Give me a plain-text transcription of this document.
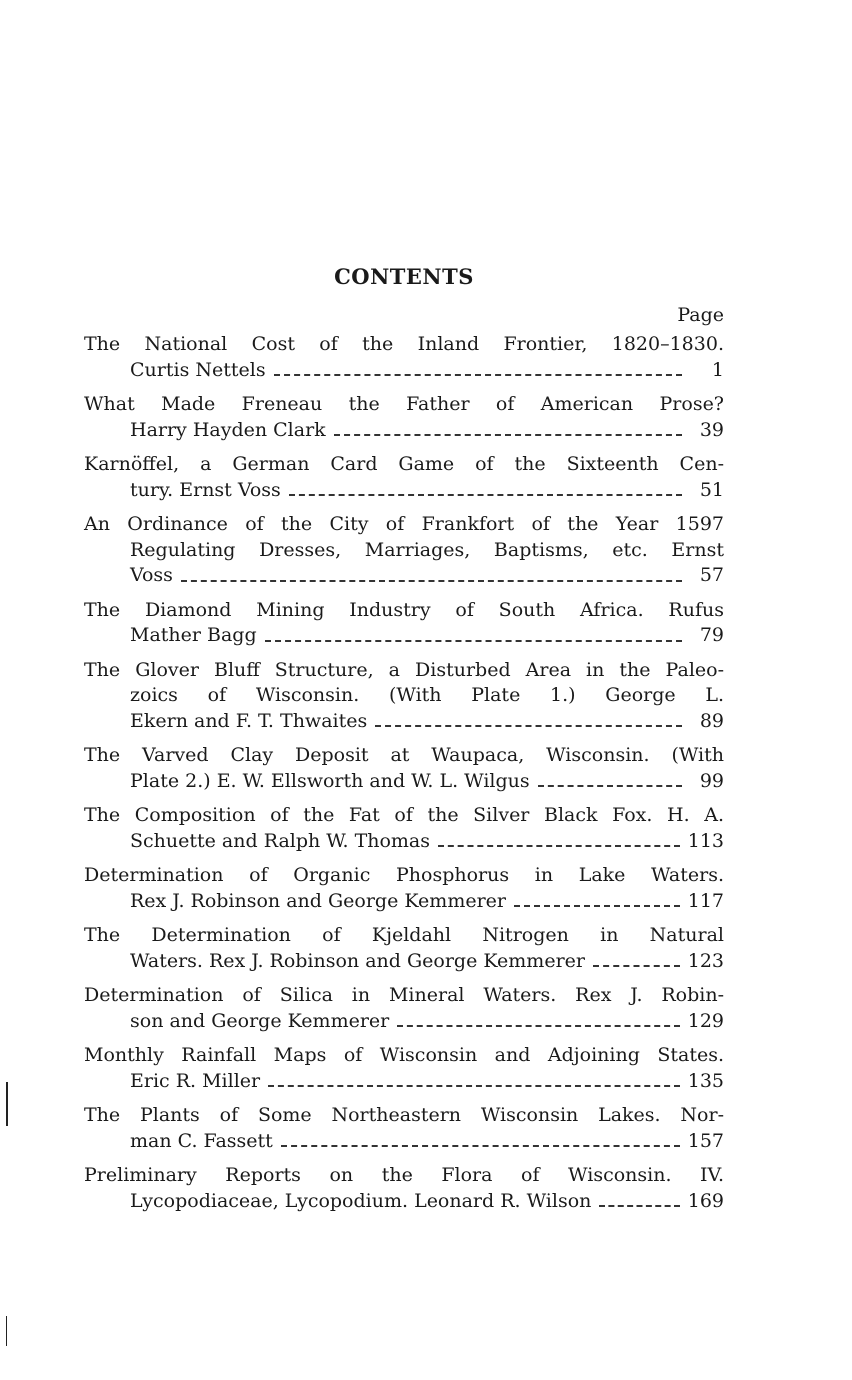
CONTENTS
Page
The National Cost of the Inland Frontier, 1820–1830.
Curtis Nettels	1
What Made Freneau the Father of American Prose?
Harry Hayden Clark	39
Karnöffel, a German Card Game of the Sixteenth Cen-
tury. Ernst Voss	51
An Ordinance of the City of Frankfort of the Year 1597
Regulating Dresses, Marriages, Baptisms, etc. Ernst
Voss	57
The Diamond Mining Industry of South Africa. Rufus
Mather Bagg	79
The Glover Bluff Structure, a Disturbed Area in the Paleo-
zoics of Wisconsin. (With Plate 1.) George L.
Ekern and F. T. Thwaites	89
The Varved Clay Deposit at Waupaca, Wisconsin. (With
Plate 2.) E. W. Ellsworth and W. L. Wilgus	99
The Composition of the Fat of the Silver Black Fox. H. A.
Schuette and Ralph W. Thomas	113
Determination of Organic Phosphorus in Lake Waters.
Rex J. Robinson and George Kemmerer	117
The Determination of Kjeldahl Nitrogen in Natural
Waters. Rex J. Robinson and George Kemmerer	123
Determination of Silica in Mineral Waters. Rex J. Robin-
son and George Kemmerer	129
Monthly Rainfall Maps of Wisconsin and Adjoining States.
Eric R. Miller	135
The Plants of Some Northeastern Wisconsin Lakes. Nor-
man C. Fassett	157
Preliminary Reports on the Flora of Wisconsin. IV.
Lycopodiaceae, Lycopodium. Leonard R. Wilson	169
